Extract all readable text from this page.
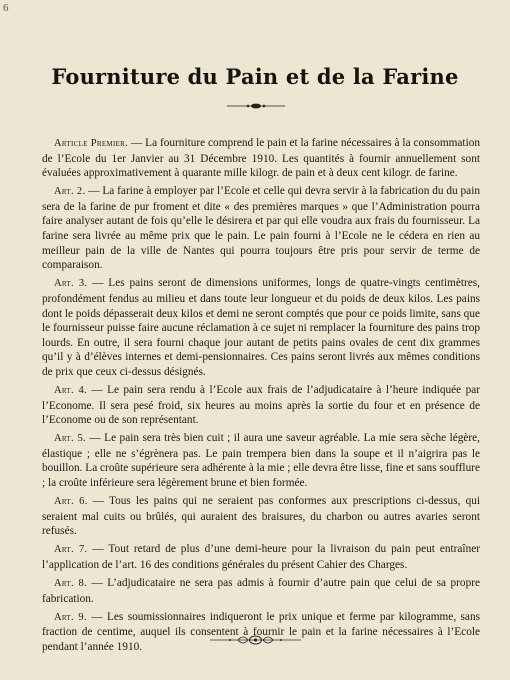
6
Fourniture du Pain et de la Farine

Article Premier. — La fourniture comprend le pain et la farine nécessaires à la consommation de l’Ecole du 1er Janvier au 31 Décembre 1910. Les quantités à fournir annuellement sont évaluées approximativement à quarante mille kilogr. de pain et à deux cent kilogr. de farine.

Art. 2. — La farine à employer par l’Ecole et celle qui devra servir à la fabrication du du pain sera de la farine de pur froment et dite « des premières marques » que l’Administration pourra faire analyser autant de fois qu’elle le désirera et par qui elle voudra aux frais du fournisseur. La farine sera livrée au même prix que le pain. Le pain fourni à l’Ecole ne le cédera en rien au meilleur pain de la ville de Nantes qui pourra toujours être pris pour servir de terme de comparaison.

Art. 3. — Les pains seront de dimensions uniformes, longs de quatre-vingts centimètres, profondément fendus au milieu et dans toute leur longueur et du poids de deux kilos. Les pains dont le poids dépasserait deux kilos et demi ne seront comptés que pour ce poids limite, sans que le fournisseur puisse faire aucune réclamation à ce sujet ni remplacer la fourniture des pains trop lourds. En outre, il sera fourni chaque jour autant de petits pains ovales de cent dix grammes qu’il y à d’élèves internes et demi-pensionnaires. Ces pains seront livrés aux mêmes conditions de prix que ceux ci-dessus désignés.

Art. 4. — Le pain sera rendu à l’Ecole aux frais de l’adjudicataire à l’heure indiquée par l’Econome. Il sera pesé froid, six heures au moins après la sortie du four et en présence de l’Econome ou de son représentant.

Art. 5. — Le pain sera très bien cuit ; il aura une saveur agréable. La mie sera sèche légère, élastique ; elle ne s’égrènera pas. Le pain trempera bien dans la soupe et il n’aigrira pas le bouillon. La croûte supérieure sera adhérente à la mie ; elle devra être lisse, fine et sans soufflure ; la croûte inférieure sera légèrement brune et bien formée.

Art. 6. — Tous les pains qui ne seraient pas conformes aux prescriptions ci-dessus, qui seraient mal cuits ou brûlés, qui auraient des braisures, du charbon ou autres avaries seront refusés.

Art. 7. — Tout retard de plus d’une demi-heure pour la livraison du pain peut entraîner l’application de l’art. 16 des conditions générales du présent Cahier des Charges.

Art. 8. — L’adjudicataire ne sera pas admis à fournir d’autre pain que celui de sa propre fabrication.

Art. 9. — Les soumissionnaires indiqueront le prix unique et ferme par kilogramme, sans fraction de centime, auquel ils consentent à fournir le pain et la farine nécessaires à l’Ecole pendant l’année 1910.
